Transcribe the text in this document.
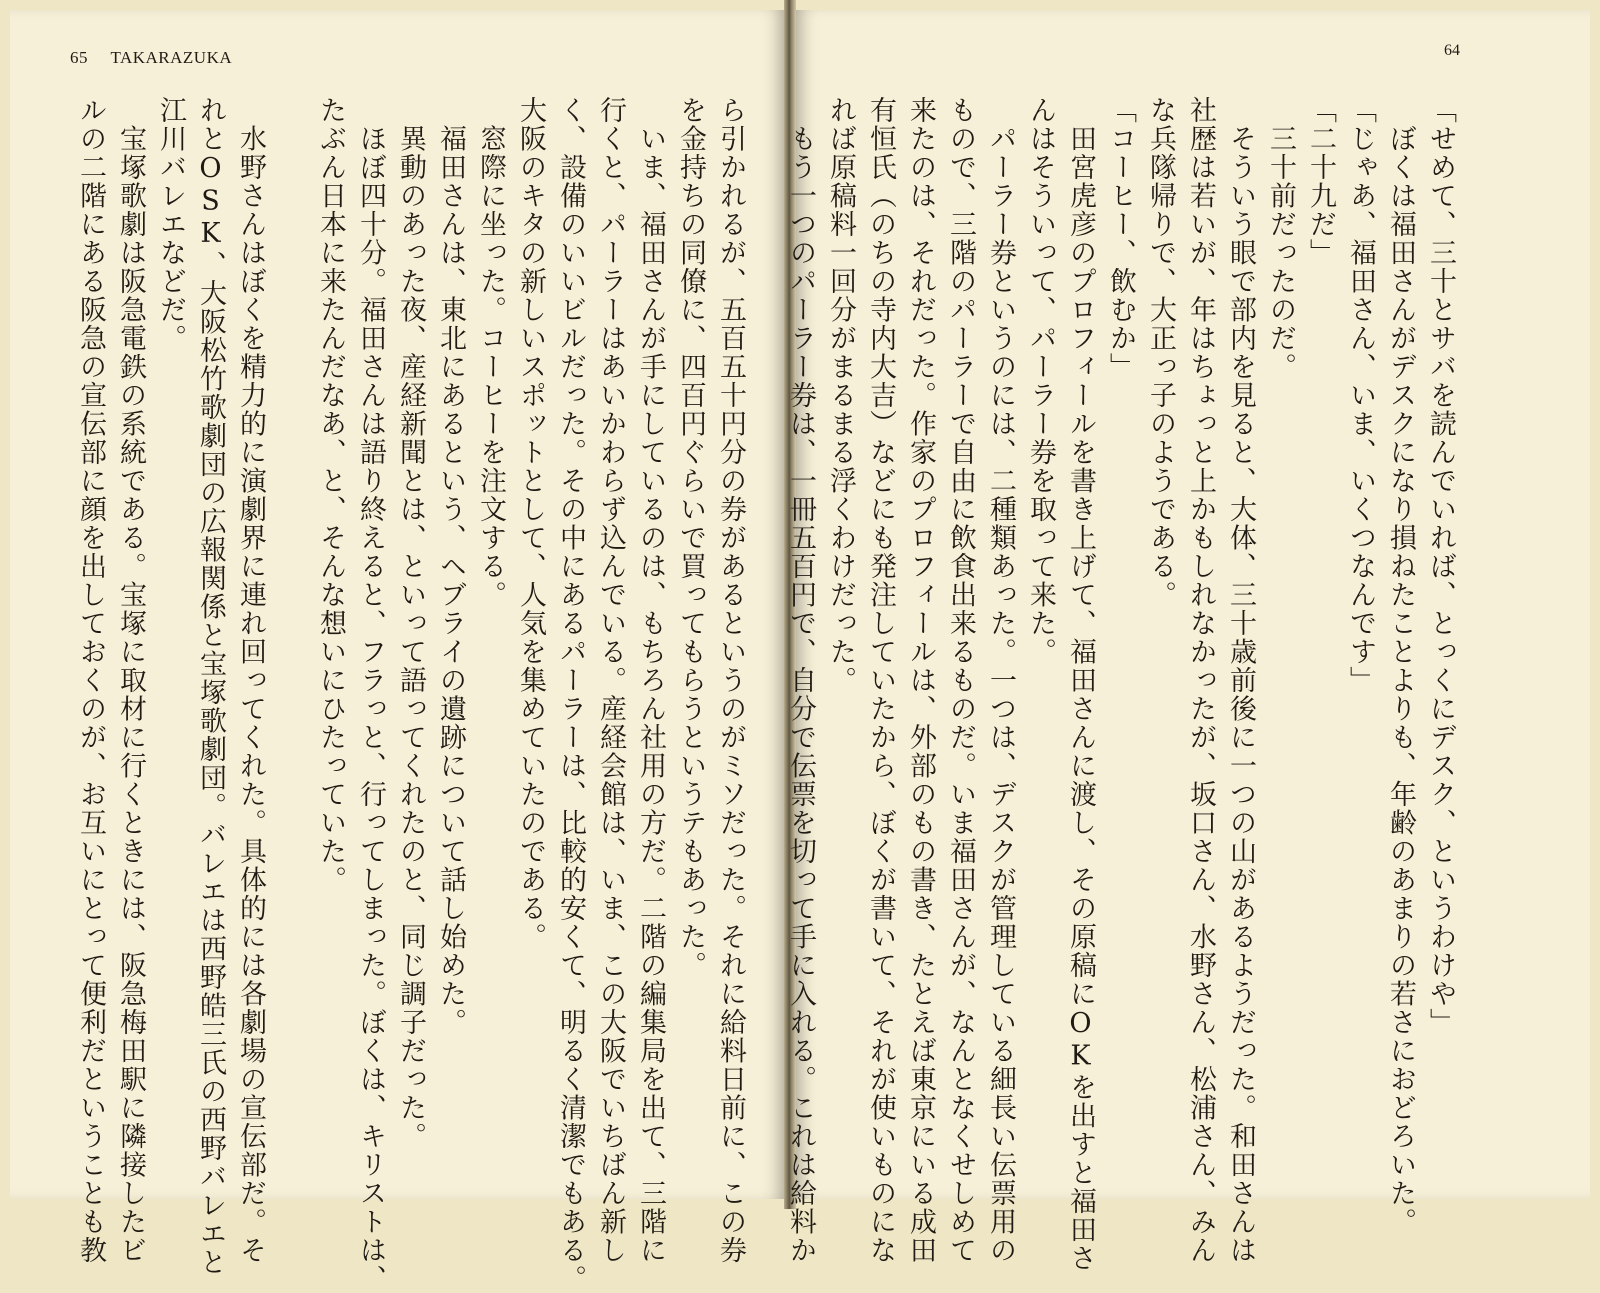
65 TAKARAZUKA	64
「せめて、三十とサバを読んでいれば、とっくにデスク、というわけや」
　ぼくは福田さんがデスクになり損ねたことよりも、年齢のあまりの若さにおどろいた。
「じゃあ、福田さん、いま、いくつなんです」
「二十九だ」
　三十前だったのだ。
　そういう眼で部内を見ると、大体、三十歳前後に一つの山があるようだった。和田さんは
社歴は若いが、年はちょっと上かもしれなかったが、坂口さん、水野さん、松浦さん、みん
な兵隊帰りで、大正っ子のようである。
「コーヒー、飲むか」
　田宮虎彦のプロフィールを書き上げて、福田さんに渡し、その原稿にOKを出すと福田さ
んはそういって、パーラー券を取って来た。
　パーラー券というのには、二種類あった。一つは、デスクが管理している細長い伝票用の
もので、三階のパーラーで自由に飲食出来るものだ。いま福田さんが、なんとなくせしめて
来たのは、それだった。作家のプロフィールは、外部のもの書き、たとえば東京にいる成田
有恒氏（のちの寺内大吉）などにも発注していたから、ぼくが書いて、それが使いものにな
れば原稿料一回分がまるまる浮くわけだった。
　もう一つのパーラー券は、一冊五百円で、自分で伝票を切って手に入れる。これは給料か
ら引かれるが、五百五十円分の券があるというのがミソだった。それに給料日前に、この券
を金持ちの同僚に、四百円ぐらいで買ってもらうというテもあった。
　いま、福田さんが手にしているのは、もちろん社用の方だ。二階の編集局を出て、三階に
行くと、パーラーはあいかわらず込んでいる。産経会館は、いま、この大阪でいちばん新し
く、設備のいいビルだった。その中にあるパーラーは、比較的安くて、明るく清潔でもある。
大阪のキタの新しいスポットとして、人気を集めていたのである。
　窓際に坐った。コーヒーを注文する。
　福田さんは、東北にあるという、ヘブライの遺跡について話し始めた。
　異動のあった夜、産経新聞とは、といって語ってくれたのと、同じ調子だった。
　ほぼ四十分。福田さんは語り終えると、フラっと、行ってしまった。ぼくは、キリストは、
たぶん日本に来たんだなあ、と、そんな想いにひたっていた。

　水野さんはぼくを精力的に演劇界に連れ回ってくれた。具体的には各劇場の宣伝部だ。そ
れとOSK、大阪松竹歌劇団の広報関係と宝塚歌劇団。バレエは西野皓三氏の西野バレエと
江川バレエなどだ。
　宝塚歌劇は阪急電鉄の系統である。宝塚に取材に行くときには、阪急梅田駅に隣接したビ
ルの二階にある阪急の宣伝部に顔を出しておくのが、お互いにとって便利だということも教
